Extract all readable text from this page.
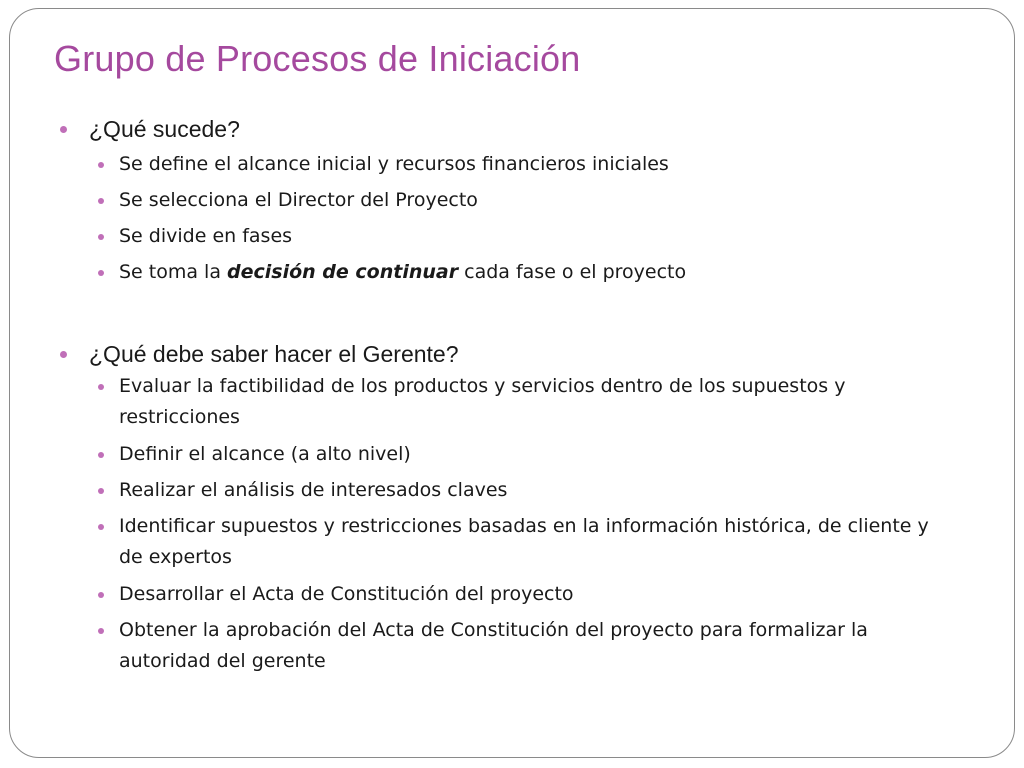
Grupo de Procesos de Iniciación

¿Qué sucede?

Se define el alcance inicial y recursos financieros iniciales

Se selecciona el Director del Proyecto

Se divide en fases

Se toma la decisión de continuar cada fase o el proyecto

¿Qué debe saber hacer el Gerente?

Evaluar la factibilidad de los productos y servicios dentro de los supuestos y restricciones

Definir el alcance (a alto nivel)

Realizar el análisis de interesados claves

Identificar supuestos y restricciones basadas en la información histórica, de cliente y de expertos

Desarrollar el Acta de Constitución del proyecto

Obtener la aprobación del Acta de Constitución del proyecto para formalizar la autoridad del gerente
